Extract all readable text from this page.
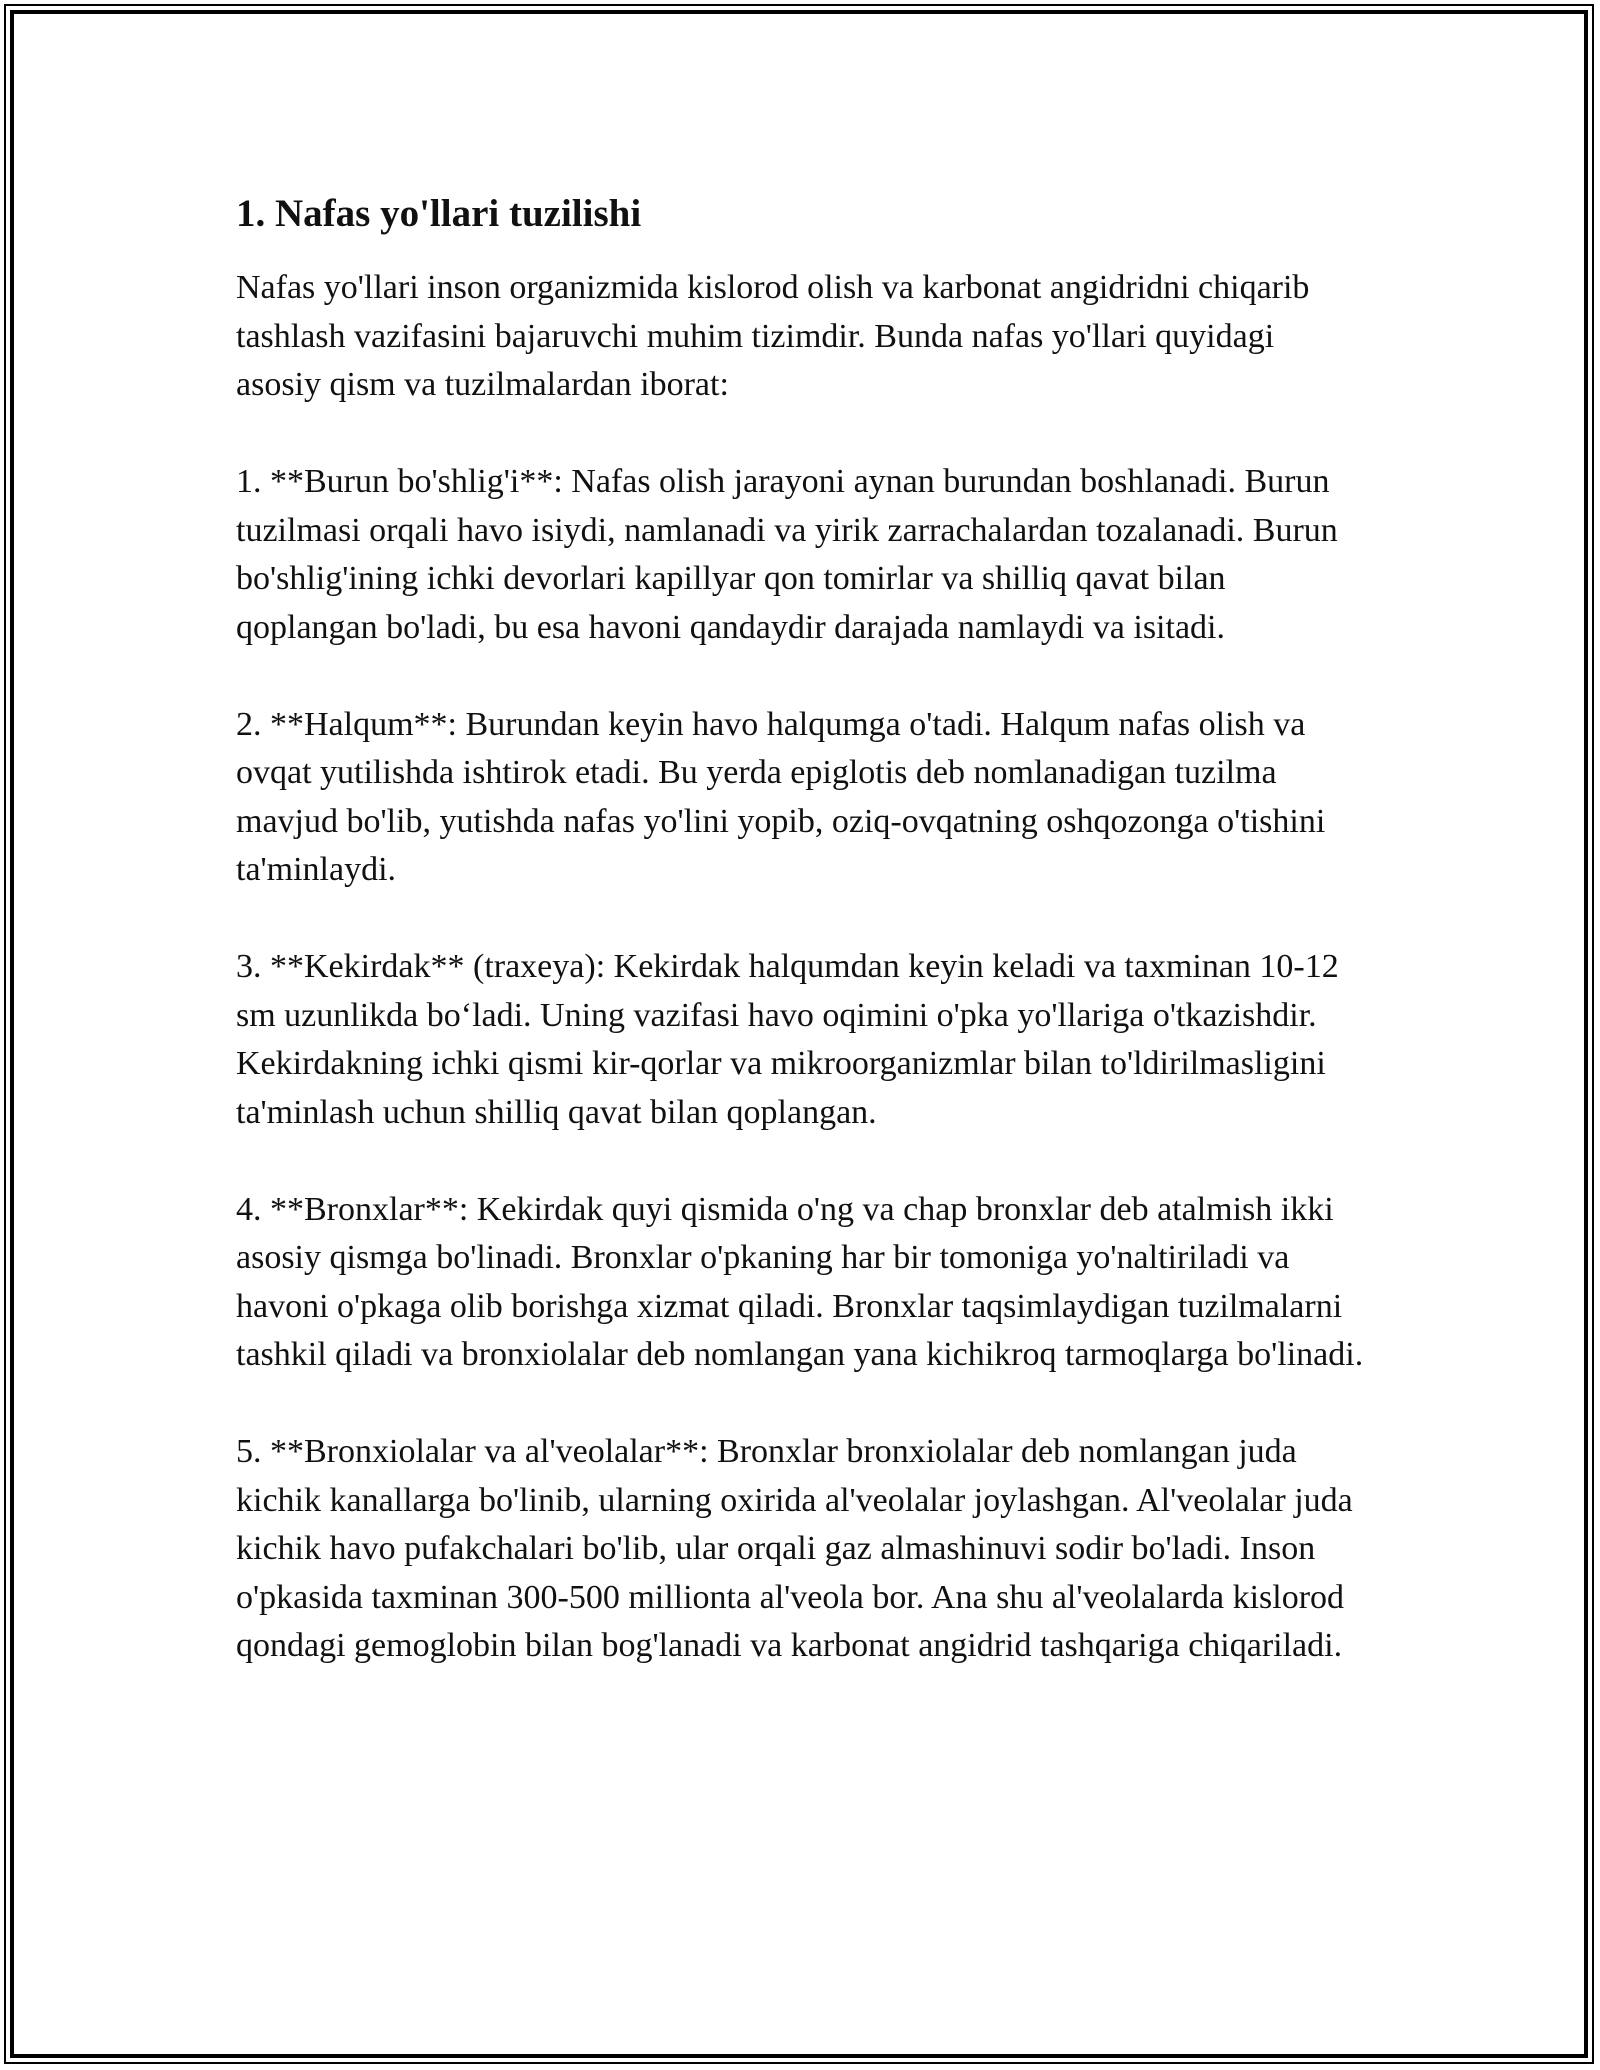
1. Nafas yo'llari tuzilishi

Nafas yo'llari inson organizmida kislorod olish va karbonat angidridni chiqarib tashlash vazifasini bajaruvchi muhim tizimdir. Bunda nafas yo'llari quyidagi asosiy qism va tuzilmalardan iborat:

1. **Burun bo'shlig'i**: Nafas olish jarayoni aynan burundan boshlanadi. Burun tuzilmasi orqali havo isiydi, namlanadi va yirik zarrachalardan tozalanadi. Burun bo'shlig'ining ichki devorlari kapillyar qon tomirlar va shilliq qavat bilan qoplangan bo'ladi, bu esa havoni qandaydir darajada namlaydi va isitadi.

2. **Halqum**: Burundan keyin havo halqumga o'tadi. Halqum nafas olish va ovqat yutilishda ishtirok etadi. Bu yerda epiglotis deb nomlanadigan tuzilma mavjud bo'lib, yutishda nafas yo'lini yopib, oziq-ovqatning oshqozonga o'tishini ta'minlaydi.

3. **Kekirdak** (traxeya): Kekirdak halqumdan keyin keladi va taxminan 10-12 sm uzunlikda bo‘ladi. Uning vazifasi havo oqimini o'pka yo'llariga o'tkazishdir. Kekirdakning ichki qismi kir-qorlar va mikroorganizmlar bilan to'ldirilmasligini ta'minlash uchun shilliq qavat bilan qoplangan.

4. **Bronxlar**: Kekirdak quyi qismida o'ng va chap bronxlar deb atalmish ikki asosiy qismga bo'linadi. Bronxlar o'pkaning har bir tomoniga yo'naltiriladi va havoni o'pkaga olib borishga xizmat qiladi. Bronxlar taqsimlaydigan tuzilmalarni tashkil qiladi va bronxiolalar deb nomlangan yana kichikroq tarmoqlarga bo'linadi.

5. **Bronxiolalar va al'veolalar**: Bronxlar bronxiolalar deb nomlangan juda kichik kanallarga bo'linib, ularning oxirida al'veolalar joylashgan. Al'veolalar juda kichik havo pufakchalari bo'lib, ular orqali gaz almashinuvi sodir bo'ladi. Inson o'pkasida taxminan 300-500 millionta al'veola bor. Ana shu al'veolalarda kislorod qondagi gemoglobin bilan bog'lanadi va karbonat angidrid tashqariga chiqariladi.
